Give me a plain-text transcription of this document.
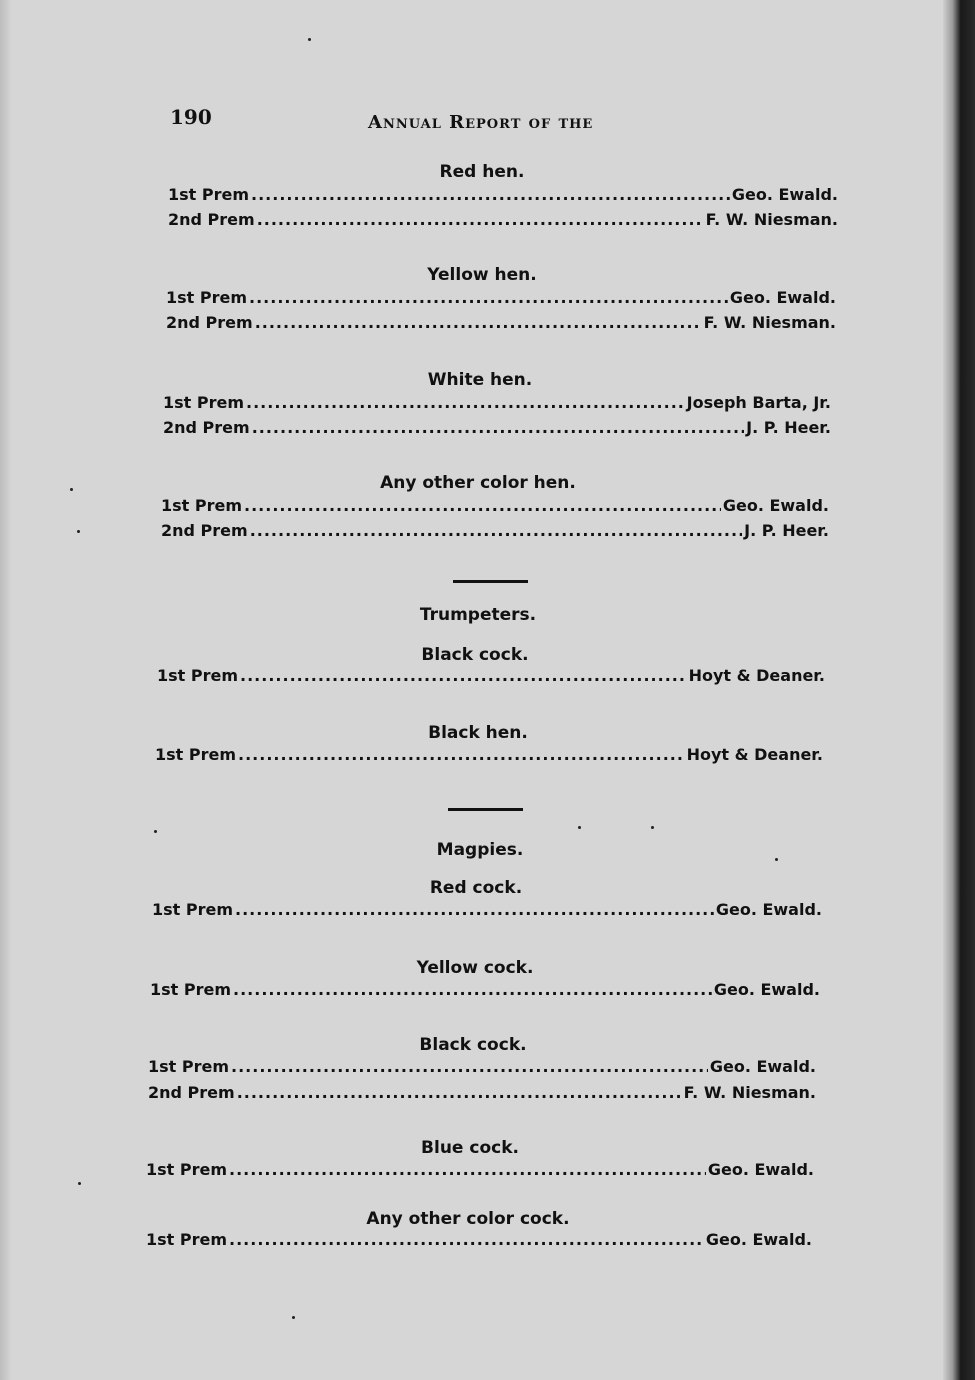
190	Annual Report of the
Red hen.
1st Prem .....	Geo. Ewald.
2nd Prem .....	F. W. Niesman.
Yellow hen.
1st Prem .....	Geo. Ewald.
2nd Prem .....	F. W. Niesman.
White hen.
1st Prem .....	Joseph Barta, Jr.
2nd Prem .....	J. P. Heer.
Any other color hen.
1st Prem .....	Geo. Ewald.
2nd Prem .....	J. P. Heer.
Trumpeters.
Black cock.
1st Prem .....	Hoyt & Deaner.
Black hen.
1st Prem .....	Hoyt & Deaner.
Magpies.
Red cock.
1st Prem .....	Geo. Ewald.
Yellow cock.
1st Prem .....	Geo. Ewald.
Black cock.
1st Prem .....	Geo. Ewald.
2nd Prem .....	F. W. Niesman.
Blue cock.
1st Prem .....	Geo. Ewald.
Any other color cock.
1st Prem .....	Geo. Ewald.
